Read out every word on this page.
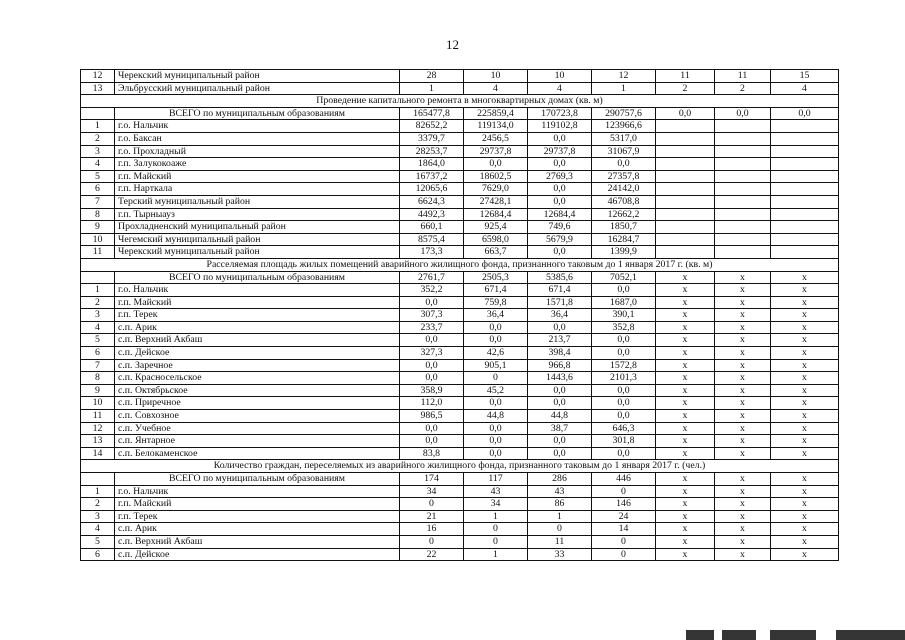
12
12	Черекский муниципальный район	28	10	10	12	11	11	15
13	Эльбрусский муниципальный район	1	4	4	1	2	2	4
Проведение капитального ремонта в многоквартирных домах (кв. м)								
	ВСЕГО по муниципальным образованиям	165477,8	225859,4	170723,8	290757,6	0,0	0,0	0,0
1	г.о. Нальчик	82652,2	119134,0	119102,8	123966,6			
2	г.о. Баксан	3379,7	2456,5	0,0	5317,0			
3	г.о. Прохладный	28253,7	29737,8	29737,8	31067,9			
4	г.п. Залукокоаже	1864,0	0,0	0,0	0,0			
5	г.п. Майский	16737,2	18602,5	2769,3	27357,8			
6	г.п. Нарткала	12065,6	7629,0	0,0	24142,0			
7	Терский муниципальный район	6624,3	27428,1	0,0	46708,8			
8	г.п. Тырныауз	4492,3	12684,4	12684,4	12662,2			
9	Прохладненский муниципальный район	660,1	925,4	749,6	1850,7			
10	Чегемский муниципальный район	8575,4	6598,0	5679,9	16284,7			
11	Черекский муниципальный район	173,3	663,7	0,0	1399,9			
Расселяемая площадь жилых помещений аварийного жилищного фонда, признанного таковым до 1 января 2017 г. (кв. м)								
	ВСЕГО по муниципальным образованиям	2761,7	2505,3	5385,6	7052,1	х	х	х
1	г.о. Нальчик	352,2	671,4	671,4	0,0	х	х	х
2	г.п. Майский	0,0	759,8	1571,8	1687,0	х	х	х
3	г.п. Терек	307,3	36,4	36,4	390,1	х	х	х
4	с.п. Арик	233,7	0,0	0,0	352,8	х	х	х
5	с.п. Верхний Акбаш	0,0	0,0	213,7	0,0	х	х	х
6	с.п. Дейское	327,3	42,6	398,4	0,0	х	х	х
7	с.п. Заречное	0,0	905,1	966,8	1572,8	х	х	х
8	с.п. Красносельское	0,0	0	1443,6	2101,3	х	х	х
9	с.п. Октябрьское	358,9	45,2	0,0	0,0	х	х	х
10	с.п. Приречное	112,0	0,0	0,0	0,0	х	х	х
11	с.п. Совхозное	986,5	44,8	44,8	0,0	х	х	х
12	с.п. Учебное	0,0	0,0	38,7	646,3	х	х	х
13	с.п. Янтарное	0,0	0,0	0,0	301,8	х	х	х
14	с.п. Белокаменское	83,8	0,0	0,0	0,0	х	х	х
Количество граждан, переселяемых из аварийного жилищного фонда, признанного таковым до 1 января 2017 г. (чел.)								
	ВСЕГО по муниципальным образованиям	174	117	286	446	х	х	х
1	г.о. Нальчик	34	43	43	0	х	х	х
2	г.п. Майский	0	34	86	146	х	х	х
3	г.п. Терек	21	1	1	24	х	х	х
4	с.п. Арик	16	0	0	14	х	х	х
5	с.п. Верхний Акбаш	0	0	11	0	х	х	х
6	с.п. Дейское	22	1	33	0	х	х	х
